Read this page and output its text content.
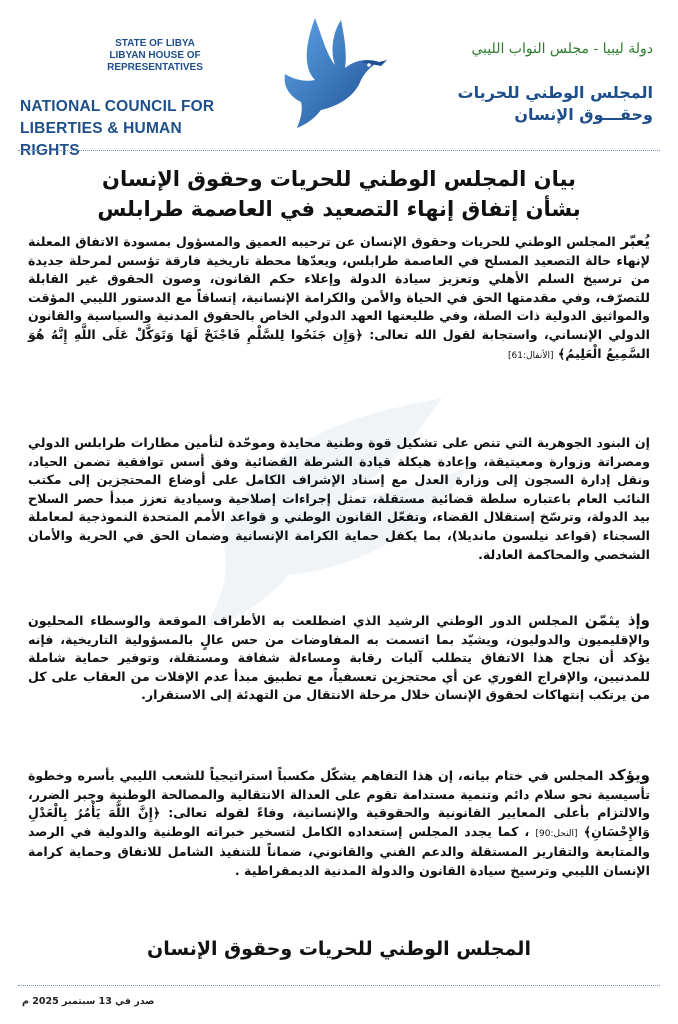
STATE OF LIBYA
LIBYAN HOUSE OF REPRESENTATIVES
NATIONAL COUNCIL FOR
LIBERTIES & HUMAN RIGHTS
دولة ليبيا - مجلس النواب الليبي
المجلس الوطني للحريات
وحقـــوق الإنسان
بيان المجلس الوطني للحريات وحقوق الإنسان
بشأن إتفاق إنهاء التصعيد في العاصمة طرابلس

يُعبّر المجلس الوطني للحريات وحقوق الإنسان عن ترحيبه العميق والمسؤول بمسودة الاتفاق المعلنة لإنهاء حالة التصعيد المسلح في العاصمة طرابلس، ويعدّها محطة تاريخية فارقة تؤسس لمرحلة جديدة من ترسيخ السلم الأهلي وتعزيز سيادة الدولة وإعلاء حكم القانون، وصون الحقوق غير القابلة للتصرّف، وفي مقدمتها الحق في الحياة والأمن والكرامة الإنسانية، إتساقاً مع الدستور الليبي المؤقت والمواثيق الدولية ذات الصلة، وفي طليعتها العهد الدولي الخاص بالحقوق المدنية والسياسية والقانون الدولي الإنساني، واستجابة لقول الله تعالى: ﴿وَإِن جَنَحُوا لِلسَّلْمِ فَاجْنَحْ لَهَا وَتَوَكَّلْ عَلَى اللَّهِ إِنَّهُ هُوَ السَّمِيعُ الْعَلِيمُ﴾ [الأنفال:61]

إن البنود الجوهرية التي تنص على تشكيل قوة وطنية محايدة وموحّدة لتأمين مطارات طرابلس الدولي ومصراتة وزوارة ومعيتيقة، وإعادة هيكلة قيادة الشرطة القضائية وفق أسس توافقية تضمن الحياد، ونقل إدارة السجون إلى وزارة العدل مع إسناد الإشراف الكامل على أوضاع المحتجزين إلى مكتب النائب العام باعتباره سلطة قضائية مستقلة، تمثل إجراءات إصلاحية وسيادية تعزز مبدأ حصر السلاح بيد الدولة، وترسّخ إستقلال القضاء، وتفعّل القانون الوطني و قواعد الأمم المتحدة النموذجية لمعاملة السجناء (قواعد نيلسون مانديلا)، بما يكفل حماية الكرامة الإنسانية وضمان الحق في الحرية والأمان الشخصي والمحاكمة العادلة.

وإذ يثمّن المجلس الدور الوطني الرشيد الذي اضطلعت به الأطراف الموقعة والوسطاء المحليون والإقليميون والدوليون، ويشيّد بما اتسمت به المفاوضات من حس عالٍ بالمسؤولية التاريخية، فإنه يؤكد أن نجاح هذا الاتفاق يتطلب آليات رقابة ومساءلة شفافة ومستقلة، وتوفير حماية شاملة للمدنيين، والإفراج الفوري عن أي محتجزين تعسفياً، مع تطبيق مبدأ عدم الإفلات من العقاب على كل من يرتكب إنتهاكات لحقوق الإنسان خلال مرحلة الانتقال من التهدئة إلى الاستقرار.

ويؤكد المجلس في ختام بيانه، إن هذا التفاهم يشكّل مكسباً استراتيجياً للشعب الليبي بأسره وخطوة تأسيسية نحو سلام دائم وتنمية مستدامة تقوم على العدالة الانتقالية والمصالحة الوطنية وجبر الضرر، والالتزام بأعلى المعايير القانونية والحقوقية والإنسانية، وفاءً لقوله تعالى: ﴿إِنَّ اللَّهَ يَأْمُرُ بِالْعَدْلِ وَالإِحْسَانِ﴾ [النحل:90] ، كما يجدد المجلس إستعداده الكامل لتسخير خبراته الوطنية والدولية في الرصد والمتابعة والتقارير المستقلة والدعم الفني والقانوني، ضماناً للتنفيذ الشامل للاتفاق وحماية كرامة الإنسان الليبي وترسيخ سيادة القانون والدولة المدنية الديمقراطية .

المجلس الوطني للحريات وحقوق الإنسان
صدر في 13 سبتمبر 2025 م
